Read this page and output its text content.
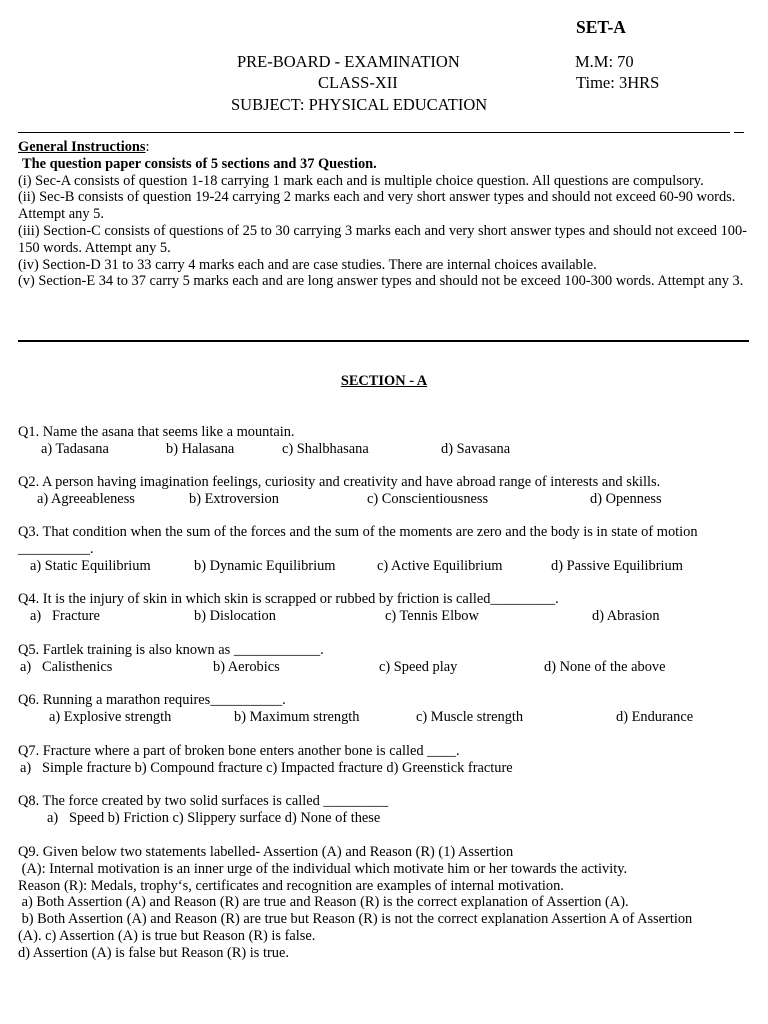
SET-A
PRE-BOARD - EXAMINATION
CLASS-XII
SUBJECT: PHYSICAL EDUCATION
M.M: 70
Time: 3HRS

General Instructions:

The question paper consists of 5 sections and 37 Question.

(i) Sec-A consists of question 1-18 carrying 1 mark each and is multiple choice question. All questions are compulsory.

(ii) Sec-B consists of question 19-24 carrying 2 marks each and very short answer types and should not exceed 60-90 words. Attempt any 5.

(iii) Section-C consists of questions of 25 to 30 carrying 3 marks each and very short answer types and should not exceed 100-150 words. Attempt any 5.

(iv) Section-D 31 to 33 carry 4 marks each and are case studies. There are internal choices available.

(v) Section-E 34 to 37 carry 5 marks each and are long answer types and should not be exceed 100-300 words. Attempt any 3.

SECTION - A
Q1. Name the asana that seems like a mountain.
a) Tadasana	b) Halasana	c) Shalbhasana	d) Savasana
Q2. A person having imagination feelings, curiosity and creativity and have abroad range of interests and skills.
a) Agreeableness	b) Extroversion	c) Conscientiousness	d) Openness
Q3. That condition when the sum of the forces and the sum of the moments are zero and the body is in state of motion
__________.
a) Static Equilibrium	b) Dynamic Equilibrium	c) Active Equilibrium	d) Passive Equilibrium
Q4. It is the injury of skin in which skin is scrapped or rubbed by friction is called_________.
a)   Fracture	b) Dislocation	c) Tennis Elbow	d) Abrasion
Q5. Fartlek training is also known as ____________.
a)   Calisthenics	b) Aerobics	c) Speed play	d) None of the above
Q6. Running a marathon requires__________.
a) Explosive strength	b) Maximum strength	c) Muscle strength	d) Endurance
Q7. Fracture where a part of broken bone enters another bone is called ____.
a)   Simple fracture b) Compound fracture c) Impacted fracture d) Greenstick fracture
Q8. The force created by two solid surfaces is called _________
a)   Speed b) Friction c) Slippery surface d) None of these
Q9. Given below two statements labelled- Assertion (A) and Reason (R) (1) Assertion
(A): Internal motivation is an inner urge of the individual which motivate him or her towards the activity.
Reason (R): Medals, trophy‘s, certificates and recognition are examples of internal motivation.
a) Both Assertion (A) and Reason (R) are true and Reason (R) is the correct explanation of Assertion (A).
b) Both Assertion (A) and Reason (R) are true but Reason (R) is not the correct explanation Assertion A of Assertion
(A). c) Assertion (A) is true but Reason (R) is false.
d) Assertion (A) is false but Reason (R) is true.
